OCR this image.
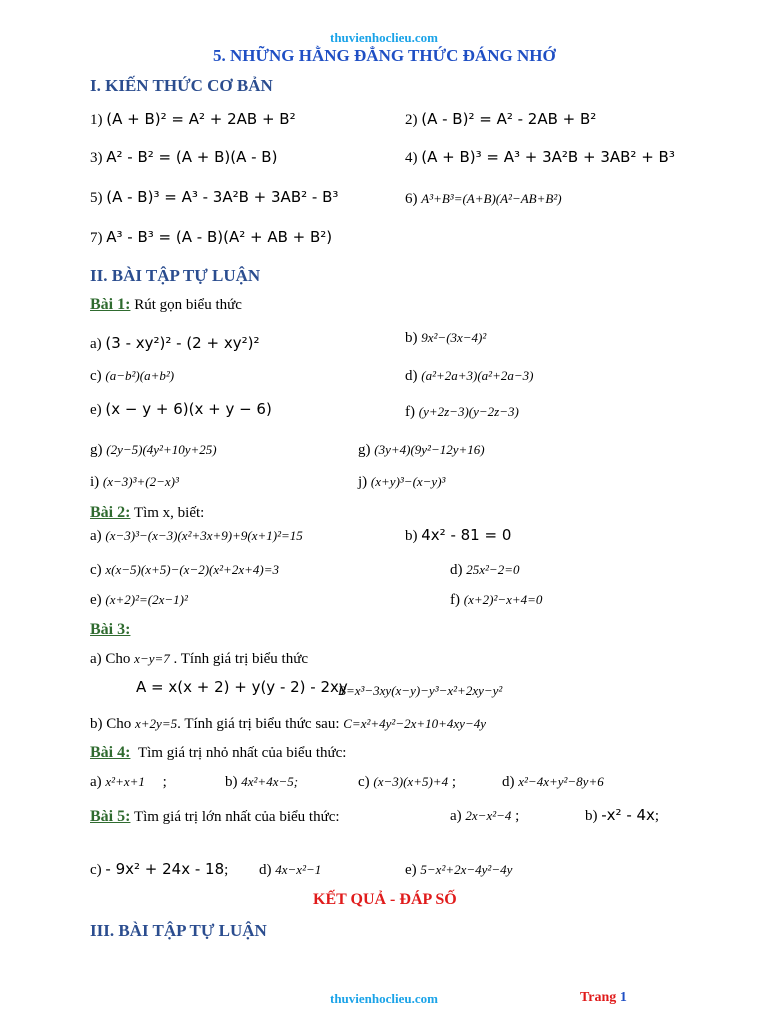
thuvienhoclieu.com
5. NHỮNG HẰNG ĐẲNG THỨC ĐÁNG NHỚ
I. KIẾN THỨC CƠ BẢN
1) (A + B)² = A² + 2AB + B²	2) (A - B)² = A² - 2AB + B²
3) A² - B² = (A + B)(A - B)	4) (A + B)³ = A³ + 3A²B + 3AB² + B³
5) (A - B)³ = A³ - 3A²B + 3AB² - B³	6) A³+B³=(A+B)(A²−AB+B²)
7) A³ - B³ = (A - B)(A² + AB + B²)
II. BÀI TẬP TỰ LUẬN
Bài 1: Rút gọn biểu thức
a) (3 - xy²)² - (2 + xy²)²	b) 9x²−(3x−4)²
c) (a−b²)(a+b²)	d) (a²+2a+3)(a²+2a−3)
e) (x − y + 6)(x + y − 6)	f) (y+2z−3)(y−2z−3)
g) (2y−5)(4y²+10y+25)	g) (3y+4)(9y²−12y+16)
i) (x−3)³+(2−x)³	j) (x+y)³−(x−y)³
Bài 2: Tìm x, biết:
a) (x−3)³−(x−3)(x²+3x+9)+9(x+1)²=15	b) 4x² - 81 = 0
c) x(x−5)(x+5)−(x−2)(x²+2x+4)=3	d) 25x²−2=0
e) (x+2)²=(2x−1)²	f) (x+2)²−x+4=0
Bài 3:
a) Cho x−y=7 . Tính giá trị biểu thức
A = x(x + 2) + y(y - 2) - 2xy
B=x³−3xy(x−y)−y³−x²+2xy−y²
b) Cho x+2y=5. Tính giá trị biểu thức sau: C=x²+4y²−2x+10+4xy−4y
Bài 4: Tìm giá trị nhỏ nhất của biểu thức:
a) x²+x+1 ;	b) 4x²+4x−5;	c) (x−3)(x+5)+4 ;	d) x²−4x+y²−8y+6
Bài 5: Tìm giá trị lớn nhất của biểu thức:	a) 2x−x²−4 ;	b) -x² - 4x;
c) - 9x² + 24x - 18; d) 4x−x²−1	e) 5−x²+2x−4y²−4y
KẾT QUẢ - ĐÁP SỐ
III. BÀI TẬP TỰ LUẬN
thuvienhoclieu.com	Trang 1
